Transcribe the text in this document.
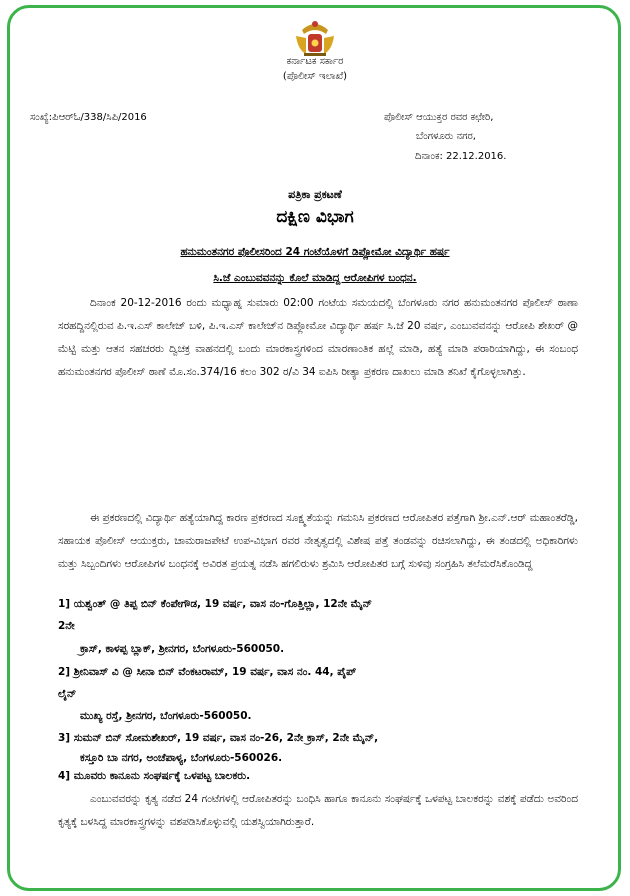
ಕರ್ನಾಟಕ ಸರ್ಕಾರ
(ಪೊಲೀಸ್ ಇಲಾಖೆ)
ಸಂಖ್ಯೆ:ಪಿಆರ್‌ಓ/338/ಸಿಪಿ/2016	ಪೊಲೀಸ್ ಆಯುಕ್ತರ ರವರ ಕಛೇರಿ,
ಬೆಂಗಳೂರು ನಗರ,
ದಿನಾಂಕ: 22.12.2016.
ಪತ್ರಿಕಾ ಪ್ರಕಟಣೆ
ದಕ್ಷಿಣ ವಿಭಾಗ
ಹನುಮಂತನಗರ ಪೊಲೀಸರಿಂದ 24 ಗಂಟೆಯೊಳಗೆ ಡಿಪ್ಲೋಮೋ ವಿದ್ಯಾರ್ಥಿ ಹರ್ಷ
ಸಿ.ಜೆ ಎಂಬುವವನನ್ನು ಕೊಲೆ ಮಾಡಿದ್ದ ಆರೋಪಿಗಳ ಬಂಧನ.
ದಿನಾಂಕ 20-12-2016 ರಂದು ಮಧ್ಯಾಹ್ನ ಸುಮಾರು 02:00 ಗಂಟೆಯ ಸಮಯದಲ್ಲಿ ಬೆಂಗಳೂರು ನಗರ ಹನುಮಂತನಗರ ಪೊಲೀಸ್ ಠಾಣಾ ಸರಹದ್ದಿನಲ್ಲಿರುವ ಪಿ.ಇ.ಎಸ್ ಕಾಲೇಜ್ ಬಳಿ, ಪಿ.ಇ.ಎಸ್ ಕಾಲೇಜ್‌ನ ಡಿಪ್ಲೋಮೋ ವಿದ್ಯಾರ್ಥಿ ಹರ್ಷ ಸಿ.ಜೆ 20 ವರ್ಷ, ಎಂಬುವವನನ್ನು ಆರೋಪಿ ಶೇಖರ್ @ ಮೆಟ್ಟಿ ಮತ್ತು ಆತನ ಸಹಚರರು ದ್ವಿಚಕ್ರ ವಾಹನದಲ್ಲಿ ಬಂದು ಮಾರಕಾಸ್ತ್ರಗಳಿಂದ ಮಾರಣಾಂತಿಕ ಹಲ್ಲೆ ಮಾಡಿ, ಹತ್ಯೆ ಮಾಡಿ ಪರಾರಿಯಾಗಿದ್ದು, ಈ ಸಂಬಂಧ ಹನುಮಂತನಗರ ಪೊಲೀಸ್ ಠಾಣೆ ಮೊ.ಸಂ.374/16 ಕಲಂ 302 ರ/ವಿ 34 ಐಪಿಸಿ ರೀತ್ಯಾ ಪ್ರಕರಣ ದಾಖಲು ಮಾಡಿ ತನಿಖೆ ಕೈಗೊಳ್ಳಲಾಗಿತ್ತು.
ಈ ಪ್ರಕರಣದಲ್ಲಿ ವಿದ್ಯಾರ್ಥಿ ಹತ್ಯೆಯಾಗಿದ್ದ ಕಾರಣ ಪ್ರಕರಣದ ಸೂಕ್ಷ್ಮತೆಯನ್ನು ಗಮನಿಸಿ ಪ್ರಕರಣದ ಆರೋಪಿತರ ಪತ್ತೆಗಾಗಿ ಶ್ರೀ.ಎನ್.ಆರ್ ಮಹಾಂತರೆಡ್ಡಿ, ಸಹಾಯಕ ಪೊಲೀಸ್ ಆಯುಕ್ತರು, ಚಾಮರಾಜಪೇಟೆ ಉಪ-ವಿಭಾಗ ರವರ ನೇತೃತ್ವದಲ್ಲಿ ವಿಶೇಷ ಪತ್ತೆ ತಂಡವನ್ನು ರಚಿಸಲಾಗಿದ್ದು, ಈ ತಂಡದಲ್ಲಿ ಅಧಿಕಾರಿಗಳು ಮತ್ತು ಸಿಬ್ಬಂದಿಗಳು ಆರೋಪಿಗಳ ಬಂಧನಕ್ಕೆ ಅವಿರತ ಪ್ರಯತ್ನ ನಡೆಸಿ ಹಗಲಿರುಳು ಶ್ರಮಿಸಿ ಆರೋಪಿತರ ಬಗ್ಗೆ ಸುಳಿವು ಸಂಗ್ರಹಿಸಿ ತಲೆಮರೆಸಿಕೊಂಡಿದ್ದ
1] ಯಶ್ವಂತ್ @ ತಿಪ್ಪ ಬಿನ್ ಕೆಂಪೇಗೌಡ, 19 ವರ್ಷ, ವಾಸ ನಂ-ಗೊತ್ತಿಲ್ಲಾ, 12ನೇ ಮೈನ್
2ನೇ
ಕ್ರಾಸ್, ಕಾಳಪ್ಪ ಬ್ಲಾಕ್, ಶ್ರೀನಗರ, ಬೆಂಗಳೂರು-560050.
2] ಶ್ರೀನಿವಾಸ್ ವಿ @ ಸೀನಾ ಬಿನ್ ವೆಂಕಟರಾಮ್, 19 ವರ್ಷ, ವಾಸ ನಂ. 44, ಪೈಪ್
ಲೈನ್
ಮುಖ್ಯ ರಸ್ತೆ, ಶ್ರೀನಗರ, ಬೆಂಗಳೂರು-560050.
3] ಸುಮನ್ ಬಿನ್ ಸೋಮಶೇಖರ್, 19 ವರ್ಷ, ವಾಸ ನಂ-26, 2ನೇ ಕ್ರಾಸ್, 2ನೇ ಮೈನ್,
ಕಸ್ತೂರಿ ಬಾ ನಗರ, ಅಂಚೆಪಾಳ್ಯ, ಬೆಂಗಳೂರು-560026.
4] ಮೂವರು ಕಾನೂನು ಸಂಘರ್ಷಕ್ಕೆ ಒಳಪಟ್ಟ ಬಾಲಕರು.
ಎಂಬುವವರನ್ನು ಕೃತ್ಯ ನಡೆದ 24 ಗಂಟೆಗಳಲ್ಲಿ ಆರೋಪಿತರನ್ನು ಬಂಧಿಸಿ ಹಾಗೂ ಕಾನೂನು ಸಂಘರ್ಷಕ್ಕೆ ಒಳಪಟ್ಟ ಬಾಲಕರನ್ನು ವಶಕ್ಕೆ ಪಡೆದು ಅವರಿಂದ ಕೃತ್ಯಕ್ಕೆ ಬಳಸಿದ್ದ ಮಾರಕಾಸ್ತ್ರಗಳನ್ನು ವಶಪಡಿಸಿಕೊಳ್ಳುವಲ್ಲಿ ಯಶಸ್ವಿಯಾಗಿರುತ್ತಾರೆ.
